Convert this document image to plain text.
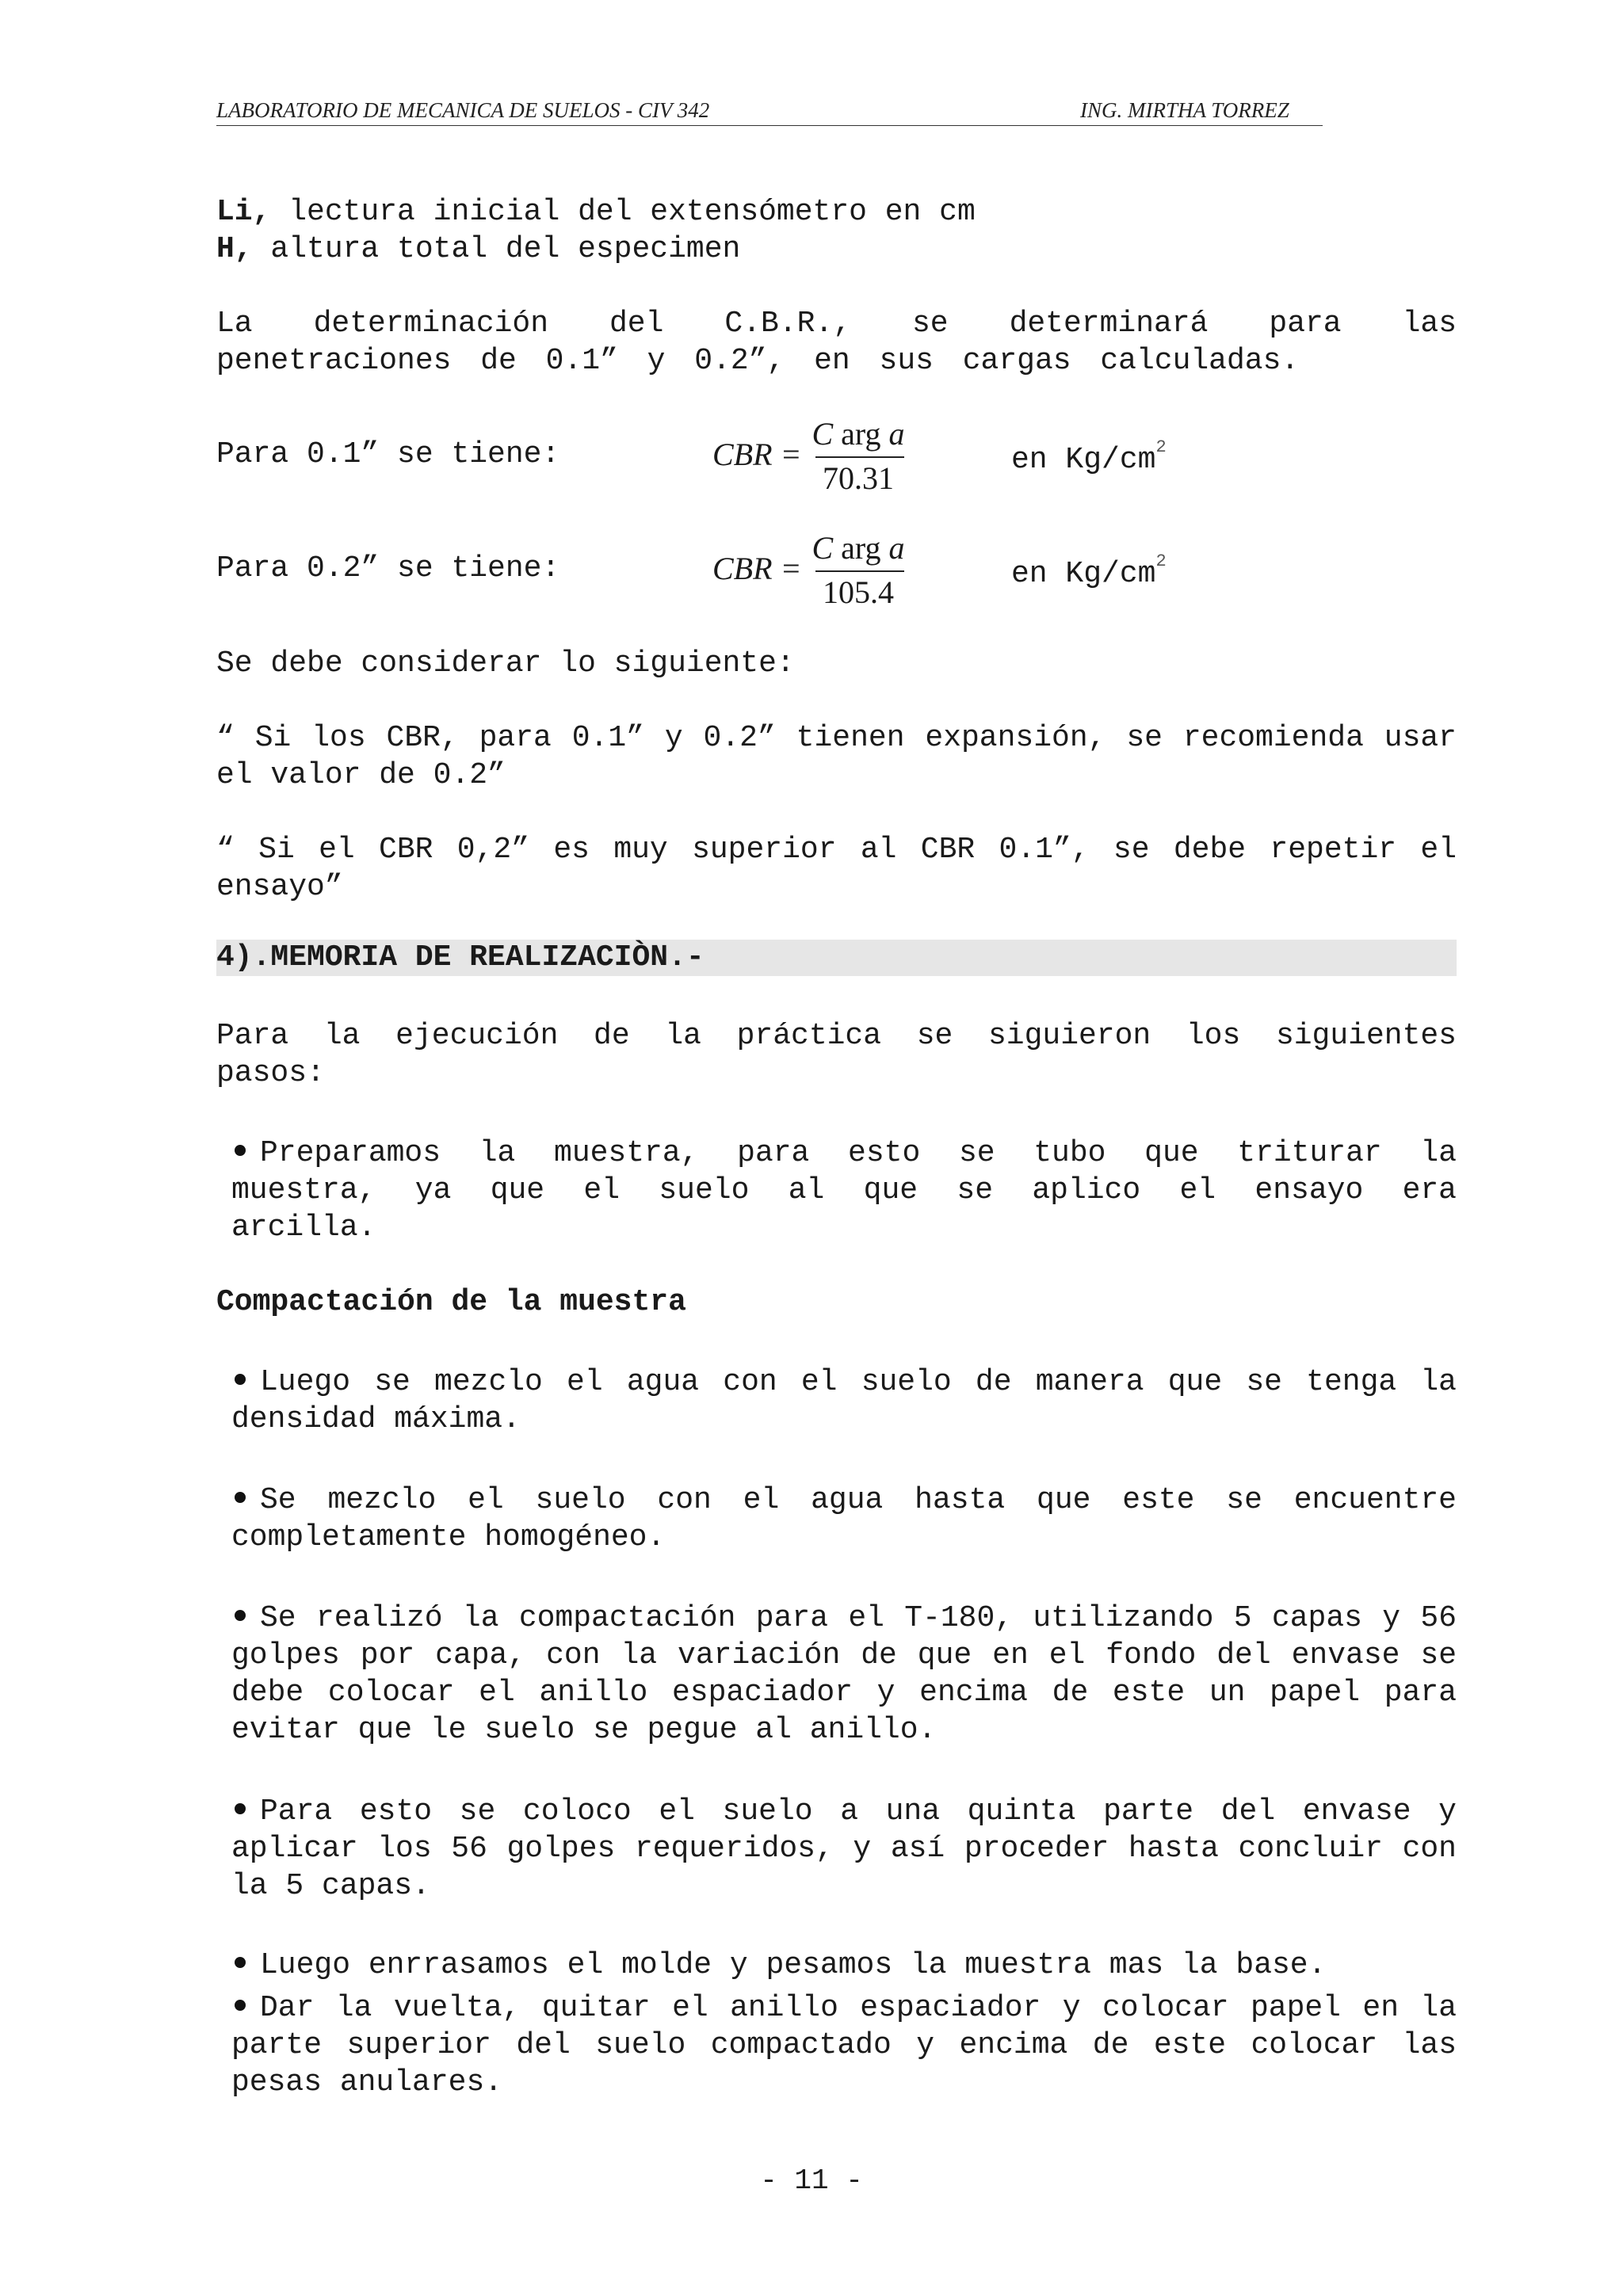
LABORATORIO DE MECANICA DE SUELOS - CIV 342	ING. MIRTHA TORREZ

Li, lectura inicial del extensómetro en cm

H, altura total del especimen

La determinación del C.B.R., se determinará para las penetraciones de 0.1” y 0.2”, en sus cargas calculadas.

Para 0.1” se tiene:	CBR =
C arg a
70.31
en $Kg/cm^2$
Para 0.2” se tiene:	CBR =
C arg a
105.4
en $Kg/cm^2$

Se debe considerar lo siguiente:

“ Si los CBR, para 0.1” y 0.2” tienen expansión, se recomienda usar el valor de 0.2”

“ Si el CBR 0,2” es muy superior al CBR 0.1”, se debe repetir el ensayo”

4).MEMORIA DE REALIZACIÒN.-

Para la ejecución de la práctica se siguieron los siguientes pasos:

Preparamos la muestra, para esto se tubo que triturar la muestra, ya que el suelo al que se aplico el ensayo era arcilla.

Compactación de la muestra

Luego se mezclo el agua con el suelo de manera que se tenga la densidad máxima.

Se mezclo el suelo con el agua hasta que este se encuentre completamente homogéneo.

Se realizó la compactación para el T-180, utilizando 5 capas y 56 golpes por capa, con la variación de que en el fondo del envase se debe colocar el anillo espaciador y encima de este un papel para evitar que le suelo se pegue al anillo.

Para esto se coloco el suelo a una quinta parte del envase y aplicar los 56 golpes requeridos, y así proceder hasta concluir con la 5 capas.

Luego enrrasamos el molde y pesamos la muestra mas la base.

Dar la vuelta, quitar el anillo espaciador y colocar papel en la parte superior del suelo compactado y encima de este colocar las pesas anulares.

- 11 -
